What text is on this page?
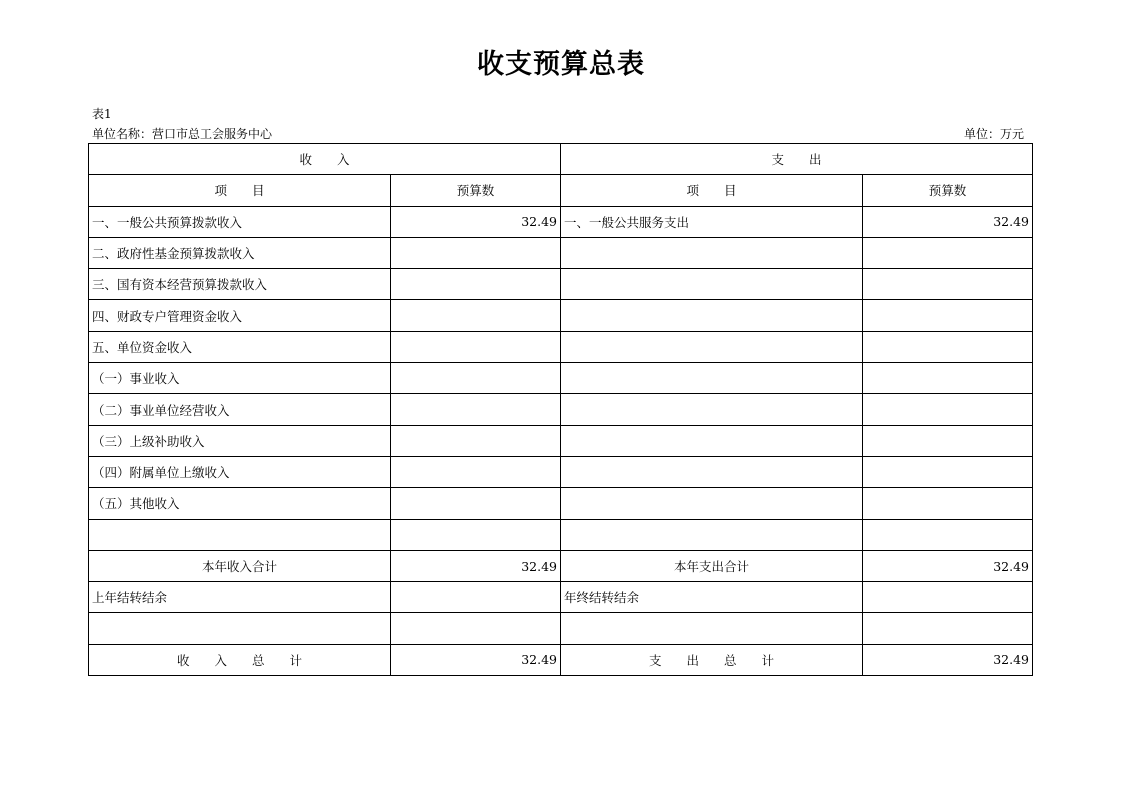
收支预算总表
表1
单位名称：营口市总工会服务中心	单位：万元
收　　入		支　　出	
项　　目	预算数	项　　目	预算数
一、一般公共预算拨款收入	32.49	一、一般公共服务支出	32.49
二、政府性基金预算拨款收入			
三、国有资本经营预算拨款收入			
四、财政专户管理资金收入			
五、单位资金收入			
（一）事业收入			
（二）事业单位经营收入			
（三）上级补助收入			
（四）附属单位上缴收入			
（五）其他收入			

本年收入合计	32.49	本年支出合计	32.49
上年结转结余		年终结转结余	

收　　入　　总　　计	32.49	支　　出　　总　　计	32.49
